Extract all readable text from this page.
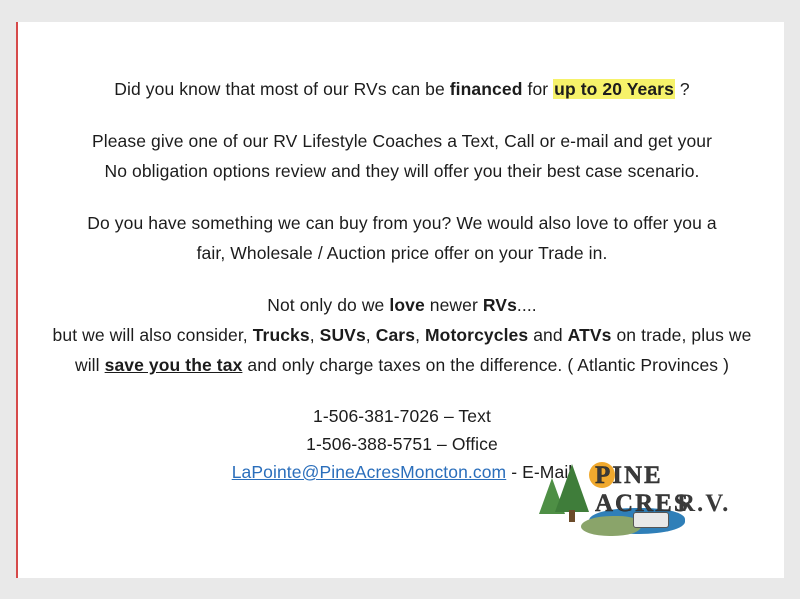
Did you know that most of our RVs can be financed for up to 20 Years ?

Please give one of our RV Lifestyle Coaches a Text, Call or e-mail and get your

No obligation options review and they will offer you their best case scenario.

Do you have something we can buy from you? We would also love to offer you a

fair, Wholesale / Auction price offer on your Trade in.

Not only do we love newer RVs....

but we will also consider, Trucks, SUVs, Cars, Motorcycles and ATVs on trade, plus we

will save you the tax and only charge taxes on the difference. ( Atlantic Provinces )

1-506-381-7026 – Text

1-506-388-5751 – Office

LaPointe@PineAcresMoncton.com - E-Mail PINE ACRES
R.V.
